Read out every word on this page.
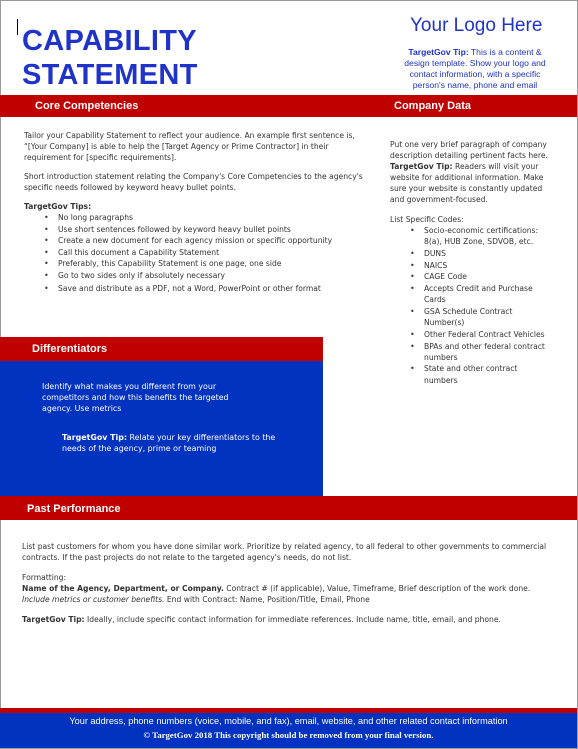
CAPABILITY
STATEMENT
Your Logo Here
TargetGov Tip: This is a content & design template. Show your logo and contact information, with a specific person's name, phone and email
Core Competencies	Company Data

Tailor your Capability Statement to reflect your audience. An example first sentence is, “[Your Company] is able to help the [Target Agency or Prime Contractor] in their requirement for [specific requirements].

Short introduction statement relating the Company's Core Competencies to the agency's specific needs followed by keyword heavy bullet points.

TargetGov Tips:

• No long paragraphs
• Use short sentences followed by keyword heavy bullet points
• Create a new document for each agency mission or specific opportunity
• Call this document a Capability Statement
• Preferably, this Capability Statement is one page, one side
• Go to two sides only if absolutely necessary
• Save and distribute as a PDF, not a Word, PowerPoint or other format

Put one very brief paragraph of company description detailing pertinent facts here.

TargetGov Tip: Readers will visit your website for additional information. Make sure your website is constantly updated and government-focused.

List Specific Codes:

• Socio-economic certifications: 8(a), HUB Zone, SDVOB, etc.
• DUNS
• NAICS
• CAGE Code
• Accepts Credit and Purchase Cards
• GSA Schedule Contract Number(s)
• Other Federal Contract Vehicles
• BPAs and other federal contract numbers
• State and other contract numbers
Differentiators
Identify what makes you different from your competitors and how this benefits the targeted agency. Use metrics
TargetGov Tip: Relate your key differentiators to the needs of the agency, prime or teaming
Past Performance

List past customers for whom you have done similar work. Prioritize by related agency, to all federal to other governments to commercial contracts. If the past projects do not relate to the targeted agency's needs, do not list.

Formatting:
Name of the Agency, Department, or Company. Contract # (if applicable), Value, Timeframe, Brief description of the work done. Include metrics or customer benefits. End with Contract: Name, Position/Title, Email, Phone

TargetGov Tip: Ideally, include specific contact information for immediate references. Include name, title, email, and phone.

Your address, phone numbers (voice, mobile, and fax), email, website, and other related contact information
© TargetGov 2018 This copyright should be removed from your final version.
